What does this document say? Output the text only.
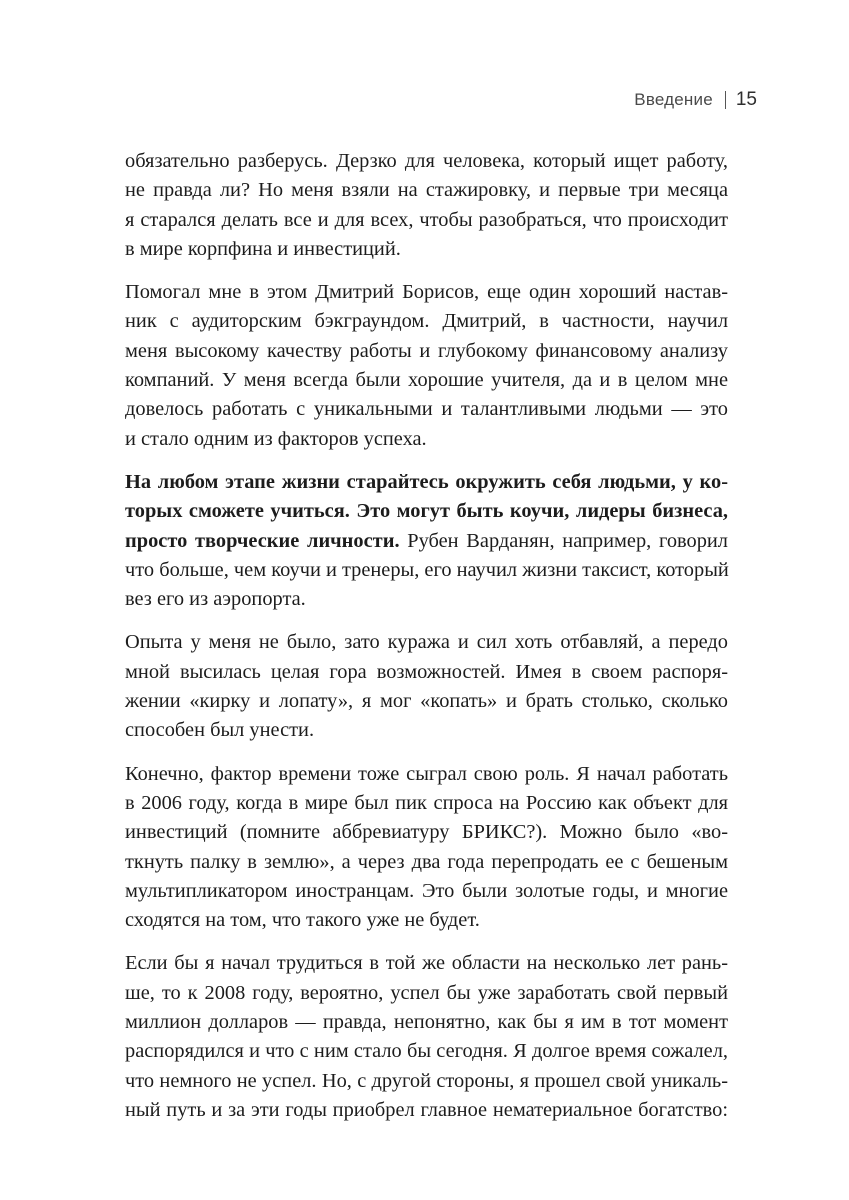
Введение 15

обязательно разберусь. Дерзко для человека, который ищет работу,
не правда ли? Но меня взяли на стажировку, и первые три месяца
я старался делать все и для всех, чтобы разобраться, что происходит
в мире корпфина и инвестиций.

Помогал мне в этом Дмитрий Борисов, еще один хороший настав-
ник с аудиторским бэкграундом. Дмитрий, в частности, научил
меня высокому качеству работы и глубокому финансовому анализу
компаний. У меня всегда были хорошие учителя, да и в целом мне
довелось работать с уникальными и талантливыми людьми — это
и стало одним из факторов успеха.

На любом этапе жизни старайтесь окружить себя людьми, у ко-
торых сможете учиться. Это могут быть коучи, лидеры бизнеса,
просто творческие личности. Рубен Варданян, например, говорил
что больше, чем коучи и тренеры, его научил жизни таксист, который
вез его из аэропорта.

Опыта у меня не было, зато куража и сил хоть отбавляй, а передо
мной высилась целая гора возможностей. Имея в своем распоря-
жении «кирку и лопату», я мог «копать» и брать столько, сколько
способен был унести.

Конечно, фактор времени тоже сыграл свою роль. Я начал работать
в 2006 году, когда в мире был пик спроса на Россию как объект для
инвестиций (помните аббревиатуру БРИКС?). Можно было «во-
ткнуть палку в землю», а через два года перепродать ее с бешеным
мультипликатором иностранцам. Это были золотые годы, и многие
сходятся на том, что такого уже не будет.

Если бы я начал трудиться в той же области на несколько лет рань-
ше, то к 2008 году, вероятно, успел бы уже заработать свой первый
миллион долларов — правда, непонятно, как бы я им в тот момент
распорядился и что с ним стало бы сегодня. Я долгое время сожалел,
что немного не успел. Но, с другой стороны, я прошел свой уникаль-
ный путь и за эти годы приобрел главное нематериальное богатство:
